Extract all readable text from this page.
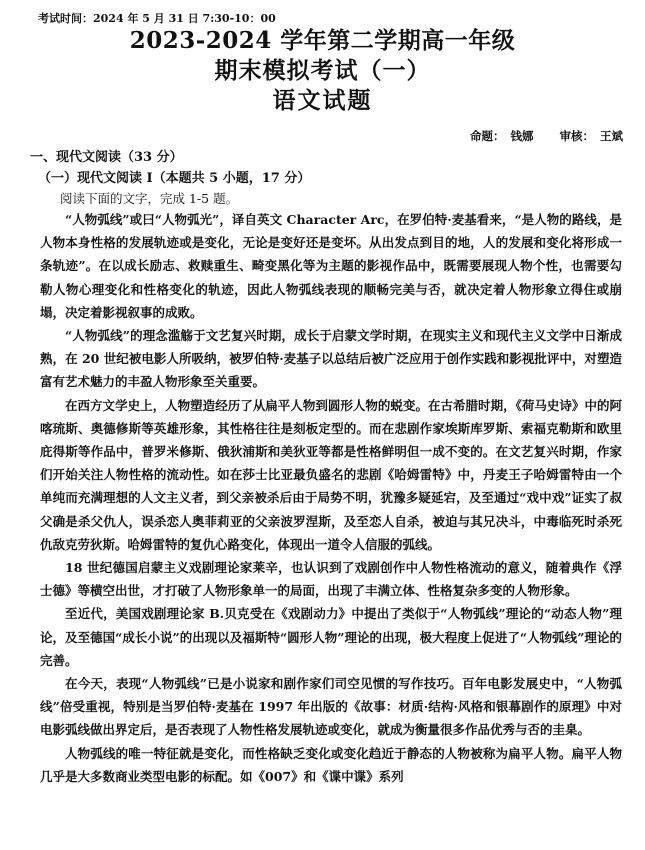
考试时间：2024 年 5 月 31 日 7:30-10：00
2023-2024 学年第二学期高一年级
期末模拟考试（一）
语文试题
命题： 钱娜 审核： 王斌
一、现代文阅读（33 分）
（一）现代文阅读 I（本题共 5 小题，17 分）
阅读下面的文字，完成 1-5 题。

“人物弧线”或曰“人物弧光”，译自英文 Character Arc，在罗伯特·麦基看来，“是人物的路线，是人物本身性格的发展轨迹或是变化，无论是变好还是变坏。从出发点到目的地，人的发展和变化将形成一条轨迹”。在以成长励志、救赎重生、畸变黑化等为主题的影视作品中，既需要展现人物个性，也需要勾勒人物心理变化和性格变化的轨迹，因此人物弧线表现的顺畅完美与否，就决定着人物形象立得住或崩塌，决定着影视叙事的成败。

“人物弧线”的理念滥觞于文艺复兴时期，成长于启蒙文学时期，在现实主义和现代主义文学中日渐成熟，在 20 世纪被电影人所吸纳，被罗伯特·麦基子以总结后被广泛应用于创作实践和影视批评中，对塑造富有艺术魅力的丰盈人物形象至关重要。

在西方文学史上，人物塑造经历了从扁平人物到圆形人物的蜕变。在古希腊时期，《荷马史诗》中的阿喀琉斯、奥德修斯等英雄形象，其性格往往是刻板定型的。而在悲剧作家埃斯库罗斯、索福克勒斯和欧里庇得斯等作品中，普罗米修斯、俄狄浦斯和美狄亚等都是性格鲜明但一成不变的。在文艺复兴时期，作家们开始关注人物性格的流动性。如在莎士比亚最负盛名的悲剧《哈姆雷特》中，丹麦王子哈姆雷特由一个单纯而充满理想的人文主义者，到父亲被杀后由于局势不明，犹豫多疑延宕，及至通过“戏中戏”证实了叔父确是杀父仇人，误杀恋人奥菲莉亚的父亲波罗涅斯，及至恋人自杀，被迫与其兄决斗，中毒临死时杀死仇敌克劳狄斯。哈姆雷特的复仇心路变化，体现出一道令人信服的弧线。

18 世纪德国启蒙主义戏剧理论家莱辛，也认识到了戏剧创作中人物性格流动的意义，随着典作《浮士德》等横空出世，才打破了人物形象单一的局面，出现了丰满立体、性格复杂多变的人物形象。

至近代，美国戏剧理论家 B.贝克受在《戏剧动力》中提出了类似于“人物弧线”理论的“动态人物”理论，及至德国“成长小说”的出现以及福斯特“圆形人物”理论的出现，极大程度上促进了“人物弧线”理论的完善。

在今天，表现“人物弧线”已是小说家和剧作家们司空见惯的写作技巧。百年电影发展史中，“人物弧线”倍受重视，特别是当罗伯特·麦基在 1997 年出版的《故事：材质·结构·风格和银幕剧作的原理》中对电影弧线做出界定后，是否表现了人物性格发展轨迹或变化，就成为衡量很多作品优秀与否的圭臬。

人物弧线的唯一特征就是变化，而性格缺乏变化或变化趋近于静态的人物被称为扁平人物。扁平人物几乎是大多数商业类型电影的标配。如《007》和《谍中谍》系列
